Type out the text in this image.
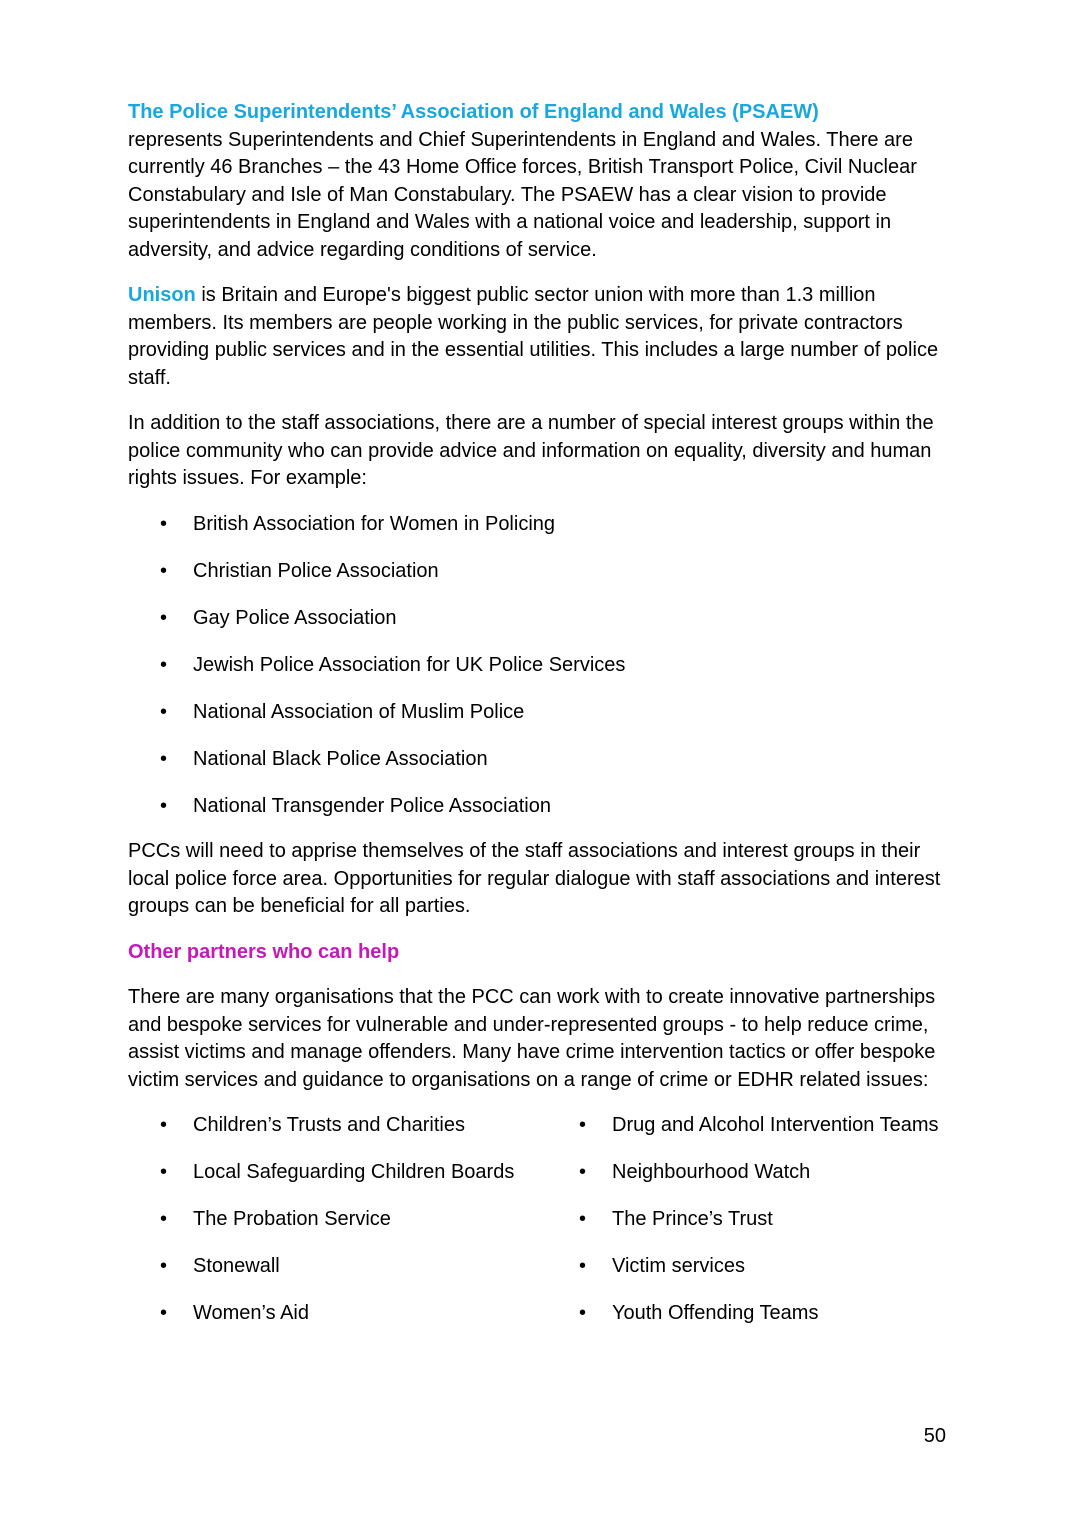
The Police Superintendents’ Association of England and Wales (PSAEW)
represents Superintendents and Chief Superintendents in England and Wales. There are currently 46 Branches – the 43 Home Office forces, British Transport Police, Civil Nuclear Constabulary and Isle of Man Constabulary. The PSAEW has a clear vision to provide superintendents in England and Wales with a national voice and leadership, support in adversity, and advice regarding conditions of service.

Unison is Britain and Europe's biggest public sector union with more than 1.3 million members. Its members are people working in the public services, for private contractors providing public services and in the essential utilities. This includes a large number of police staff.

In addition to the staff associations, there are a number of special interest groups within the police community who can provide advice and information on equality, diversity and human rights issues. For example:

• British Association for Women in Policing
• Christian Police Association
• Gay Police Association
• Jewish Police Association for UK Police Services
• National Association of Muslim Police
• National Black Police Association
• National Transgender Police Association

PCCs will need to apprise themselves of the staff associations and interest groups in their local police force area. Opportunities for regular dialogue with staff associations and interest groups can be beneficial for all parties.

Other partners who can help

There are many organisations that the PCC can work with to create innovative partnerships and bespoke services for vulnerable and under-represented groups - to help reduce crime, assist victims and manage offenders. Many have crime intervention tactics or offer bespoke victim services and guidance to organisations on a range of crime or EDHR related issues:

• Children’s Trusts and Charities	• Drug and Alcohol Intervention Teams
• Local Safeguarding Children Boards	• Neighbourhood Watch
• The Probation Service	• The Prince’s Trust
• Stonewall	• Victim services
• Women’s Aid	• Youth Offending Teams
50
